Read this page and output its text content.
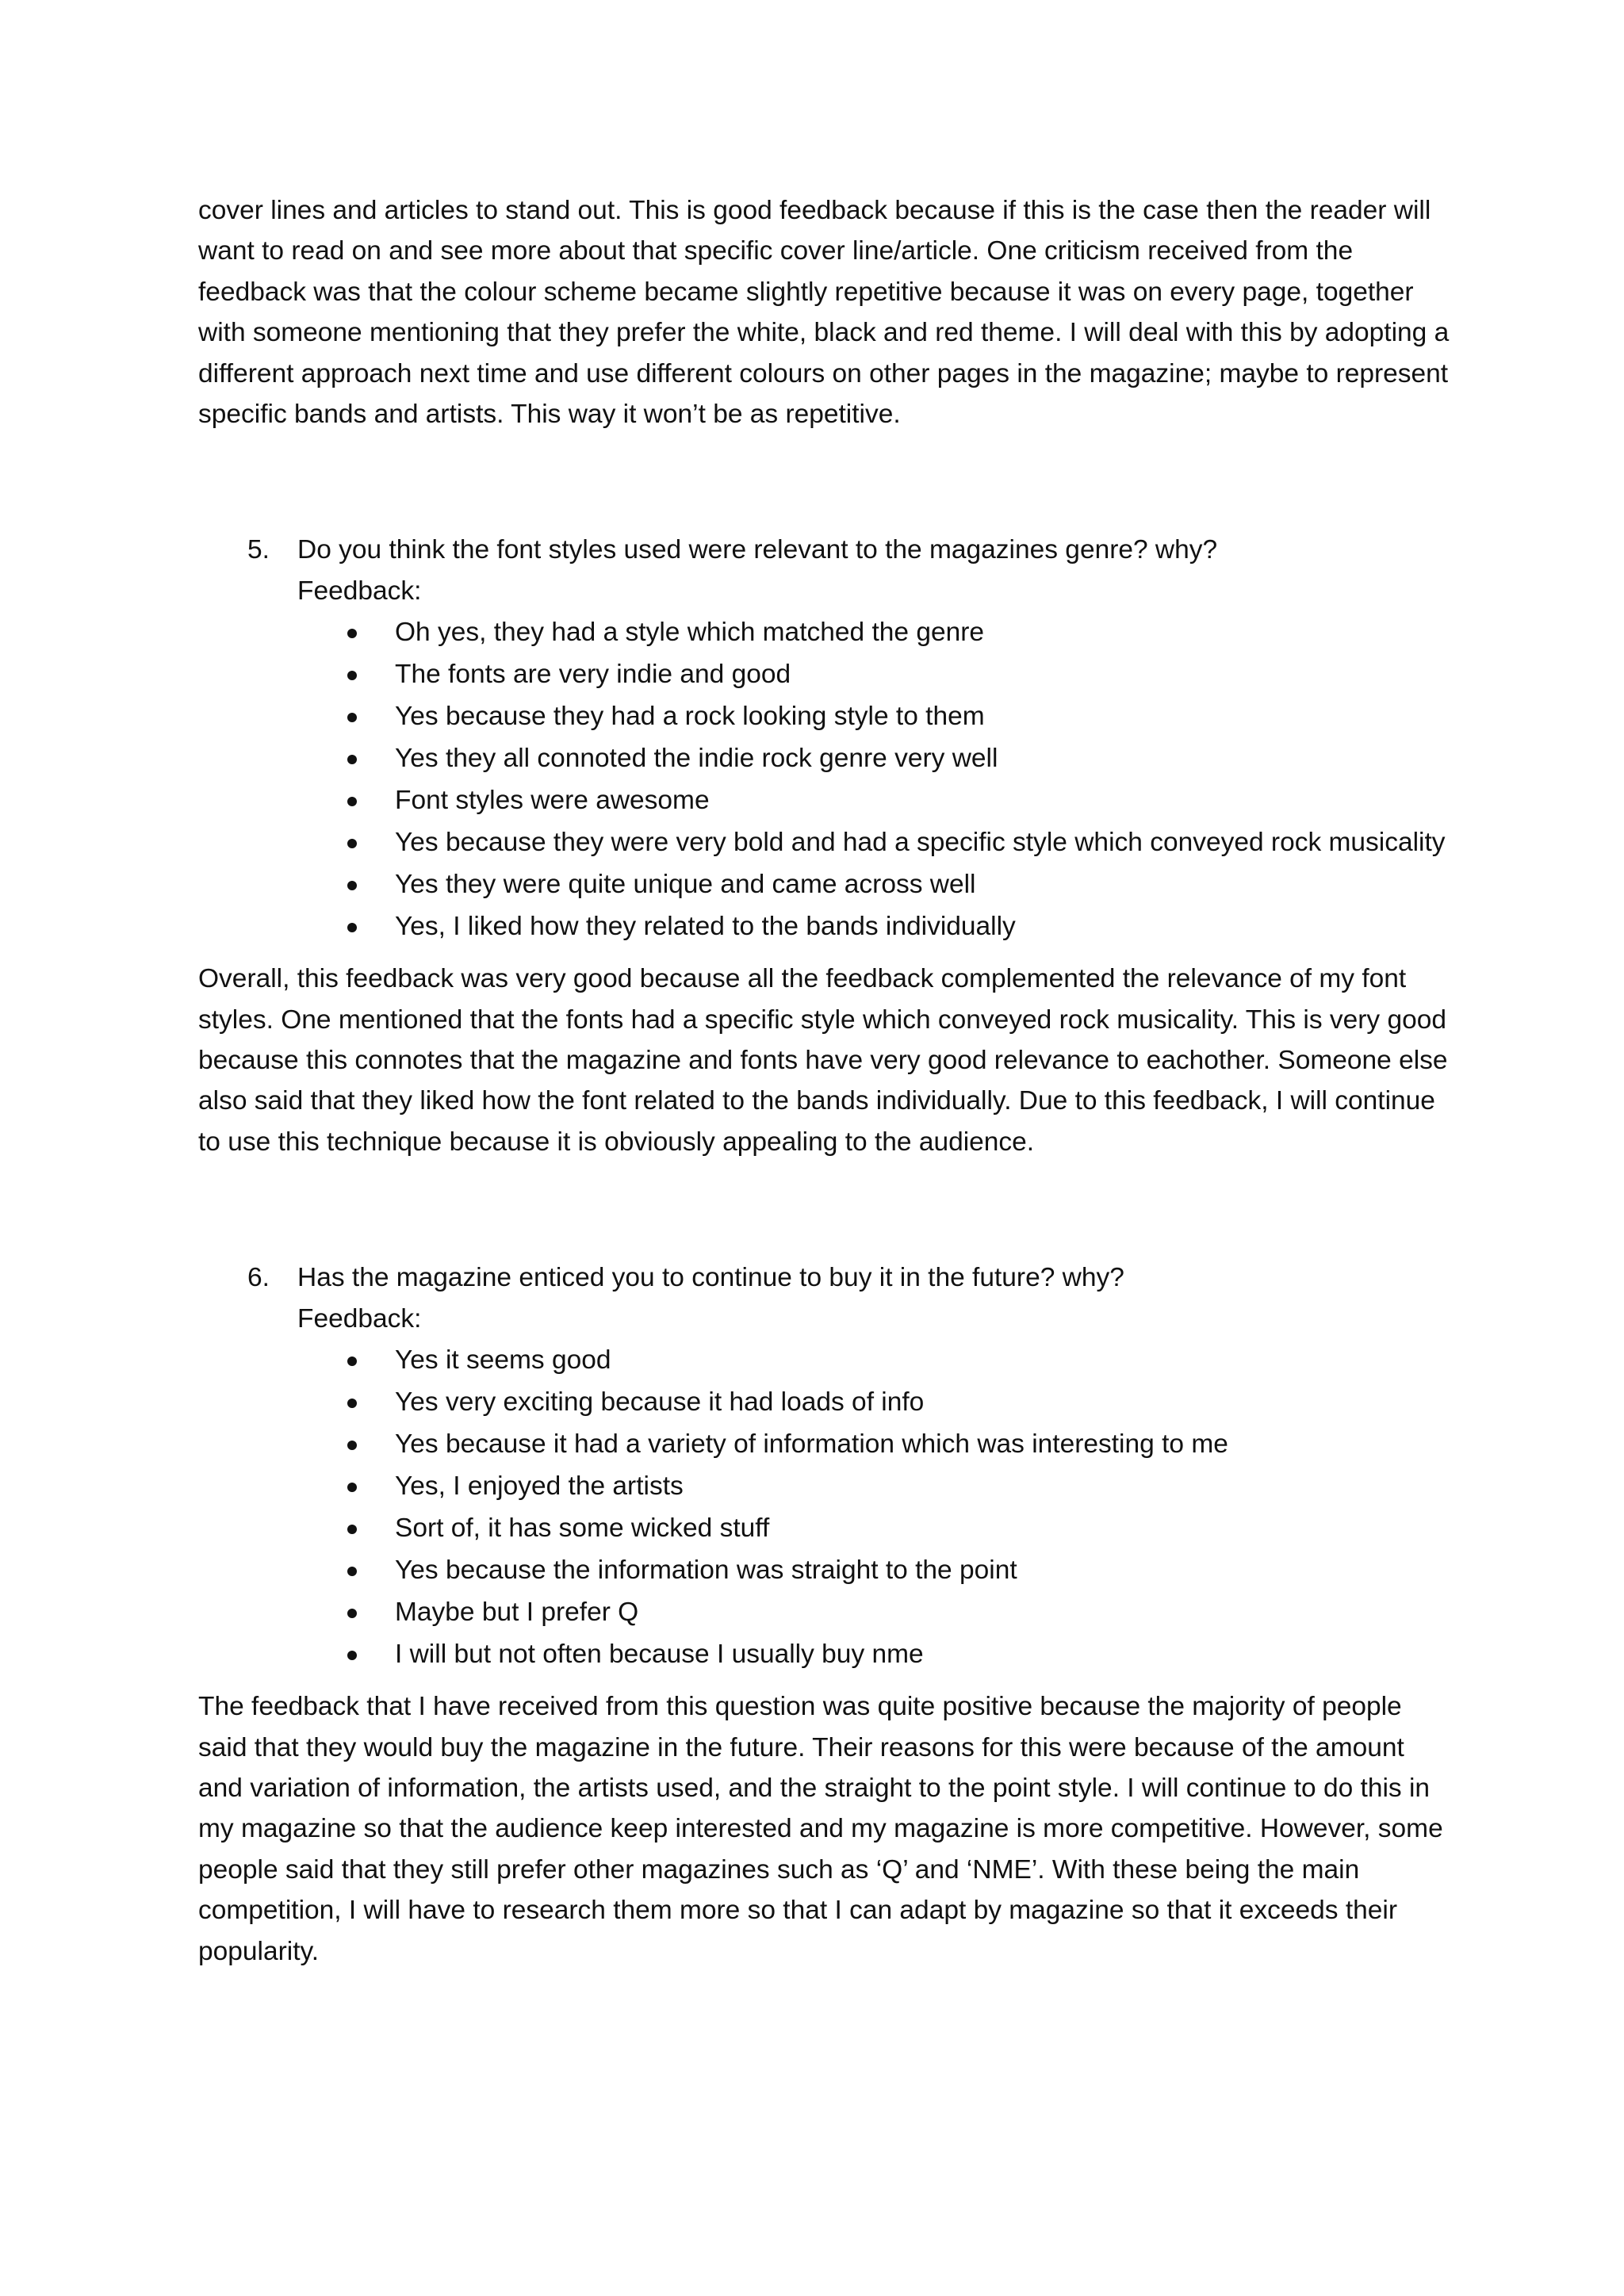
cover lines and articles to stand out. This is good feedback because if this is the case then the reader will want to read on and see more about that specific cover line/article. One criticism received from the feedback was that the colour scheme became slightly repetitive because it was on every page, together with someone mentioning that they prefer the white, black and red theme. I will deal with this by adopting a different approach next time and use different colours on other pages in the magazine; maybe to represent specific bands and artists. This way it won’t be as repetitive.

5. Do you think the font styles used were relevant to the magazines genre? why?

Feedback:
Oh yes, they had a style which matched the genre
The fonts are very indie and good
Yes because they had a rock looking style to them
Yes they all connoted the indie rock genre very well
Font styles were awesome
Yes because they were very bold and had a specific style which conveyed rock musicality
Yes they were quite unique and came across well
Yes, I liked how they related to the bands individually

Overall, this feedback was very good because all the feedback complemented the relevance of my font styles. One mentioned that the fonts had a specific style which conveyed rock musicality. This is very good because this connotes that the magazine and fonts have very good relevance to eachother. Someone else also said that they liked how the font related to the bands individually. Due to this feedback, I will continue to use this technique because it is obviously appealing to the audience.

6. Has the magazine enticed you to continue to buy it in the future? why?

Feedback:
Yes it seems good
Yes very exciting because it had loads of info
Yes because it had a variety of information which was interesting to me
Yes, I enjoyed the artists
Sort of, it has some wicked stuff
Yes because the information was straight to the point
Maybe but I prefer Q
I will but not often because I usually buy nme

The feedback that I have received from this question was quite positive because the majority of people said that they would buy the magazine in the future. Their reasons for this were because of the amount and variation of information, the artists used, and the straight to the point style. I will continue to do this in my magazine so that the audience keep interested and my magazine is more competitive. However, some people said that they still prefer other magazines such as ‘Q’ and ‘NME’. With these being the main competition, I will have to research them more so that I can adapt by magazine so that it exceeds their popularity.
